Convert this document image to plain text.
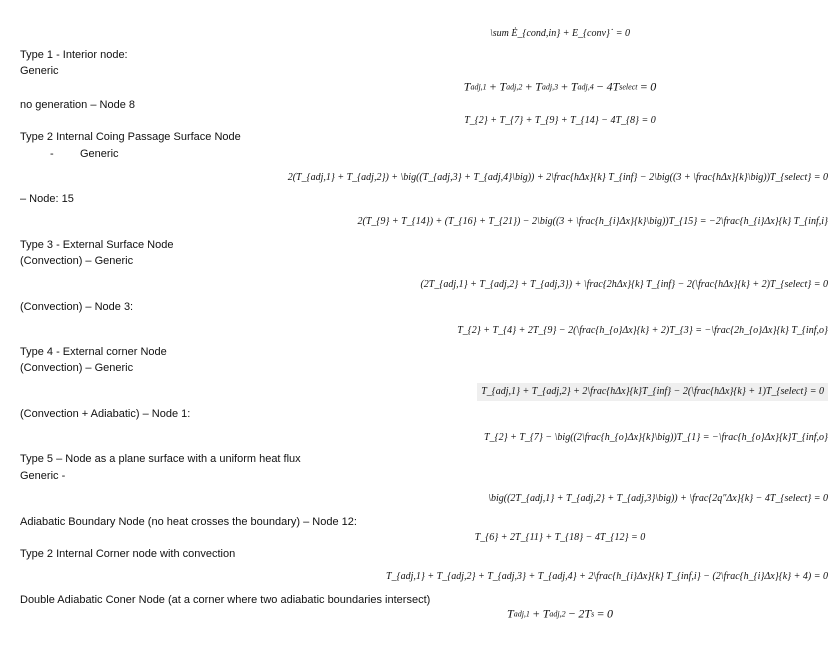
Type 1 - Interior node:
Generic
no generation – Node 8
Type 2 Internal Coing Passage Surface Node
- Generic
– Node: 15
Type 3 - External Surface Node
(Convection) – Generic
(Convection) – Node 3:
Type 4 - External corner Node
(Convection) – Generic
(Convection + Adiabatic) – Node 1:
Type 5 – Node as a plane surface with a uniform heat flux
Generic -
Adiabatic Boundary Node (no heat crosses the boundary) – Node 12:
Type 2 Internal Corner node with convection
Double Adiabatic Coner Node (at a corner where two adiabatic boundaries intersect)
\sum Ė_{cond,in} + E_{conv}˙ = 0
T adj,1 + T adj,2 + T adj,3 + T adj,4 − 4T select = 0
T_{2} + T_{7} + T_{9} + T_{14} − 4T_{8} = 0
2(T_{adj,1} + T_{adj,2}) + \big((T_{adj,3} + T_{adj,4}\big)) + 2\frac{hΔx}{k} T_{inf} − 2\big((3 + \frac{hΔx}{k}\big))T_{select} = 0
2(T_{9} + T_{14}) + (T_{16} + T_{21}) − 2\big((3 + \frac{h_{i}Δx}{k}\big))T_{15} = −2\frac{h_{i}Δx}{k} T_{inf,i}
(2T_{adj,1} + T_{adj,2} + T_{adj,3}) + \frac{2hΔx}{k} T_{inf} − 2(\frac{hΔx}{k} + 2)T_{select} = 0
T_{2} + T_{4} + 2T_{9} − 2(\frac{h_{o}Δx}{k} + 2)T_{3} = −\frac{2h_{o}Δx}{k} T_{inf,o}
T_{adj,1} + T_{adj,2} + 2\frac{hΔx}{k}T_{inf} − 2(\frac{hΔx}{k} + 1)T_{select} = 0
T_{2} + T_{7} − \big((2\frac{h_{o}Δx}{k}\big))T_{1} = −\frac{h_{o}Δx}{k}T_{inf,o}
\big((2T_{adj,1} + T_{adj,2} + T_{adj,3}\big)) + \frac{2q″Δx}{k} − 4T_{select} = 0
T_{6} + 2T_{11} + T_{18} − 4T_{12} = 0
T_{adj,1} + T_{adj,2} + T_{adj,3} + T_{adj,4} + 2\frac{h_{i}Δx}{k} T_{inf,i} − (2\frac{h_{i}Δx}{k} + 4) = 0
T adj,1 + T adj,2 − 2T s = 0
